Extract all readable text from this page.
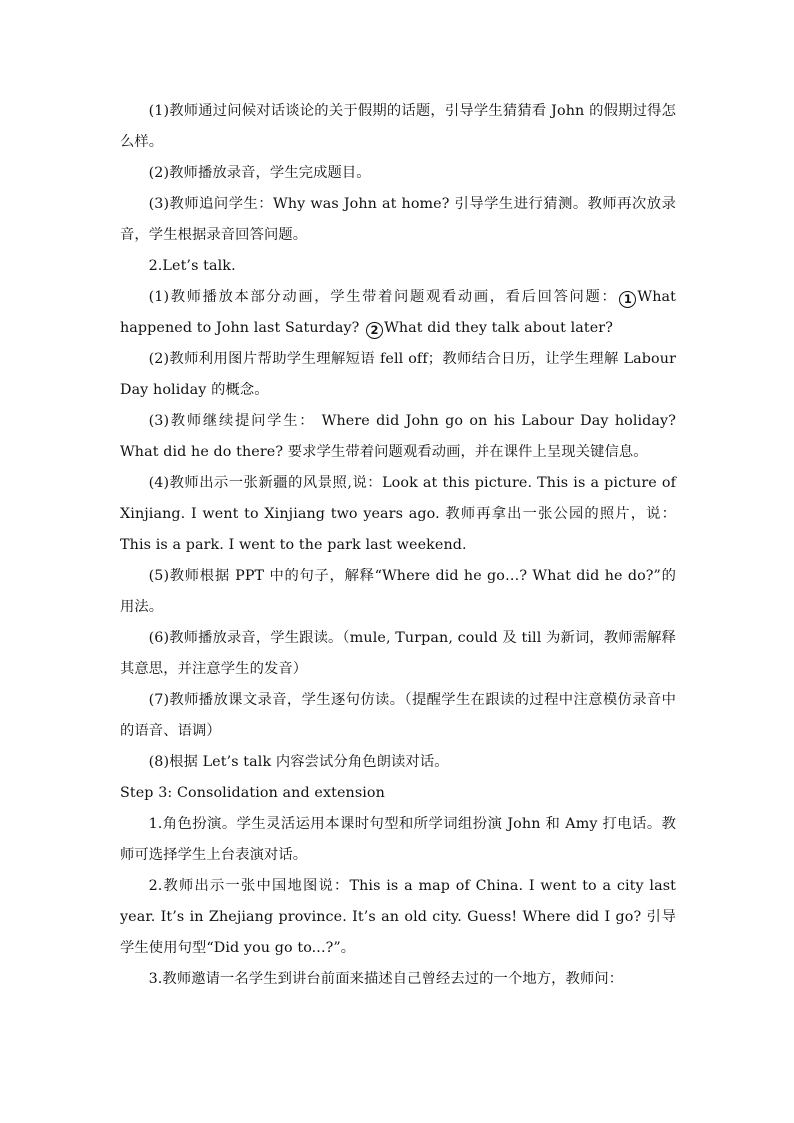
(1)教师通过问候对话谈论的关于假期的话题，引导学生猜猜看 John 的假期过得怎么样。

(2)教师播放录音，学生完成题目。

(3)教师追问学生：Why was John at home? 引导学生进行猜测。教师再次放录音，学生根据录音回答问题。

2.Let’s talk.

(1)教师播放本部分动画，学生带着问题观看动画，看后回答问题： 1 What happened to John last Saturday? 2 What did they talk about later?

(2)教师利用图片帮助学生理解短语 fell off；教师结合日历，让学生理解 Labour Day holiday 的概念。

(3)教师继续提问学生： Where did John go on his Labour Day holiday? What did he do there? 要求学生带着问题观看动画，并在课件上呈现关键信息。

(4)教师出示一张新疆的风景照,说：Look at this picture. This is a picture of Xinjiang. I went to Xinjiang two years ago. 教师再拿出一张公园的照片，说：This is a park. I went to the park last weekend.

(5)教师根据 PPT 中的句子，解释“Where did he go…? What did he do?”的用法。

(6)教师播放录音，学生跟读。（mule, Turpan, could 及 till 为新词，教师需解释其意思，并注意学生的发音）

(7)教师播放课文录音，学生逐句仿读。（提醒学生在跟读的过程中注意模仿录音中的语音、语调）

(8)根据 Let’s talk 内容尝试分角色朗读对话。

Step 3: Consolidation and extension

1.角色扮演。学生灵活运用本课时句型和所学词组扮演 John 和 Amy 打电话。教师可选择学生上台表演对话。

2.教师出示一张中国地图说：This is a map of China. I went to a city last year. It’s in Zhejiang province. It’s an old city. Guess! Where did I go? 引导学生使用句型“Did you go to...?”。

3.教师邀请一名学生到讲台前面来描述自己曾经去过的一个地方，教师问：
